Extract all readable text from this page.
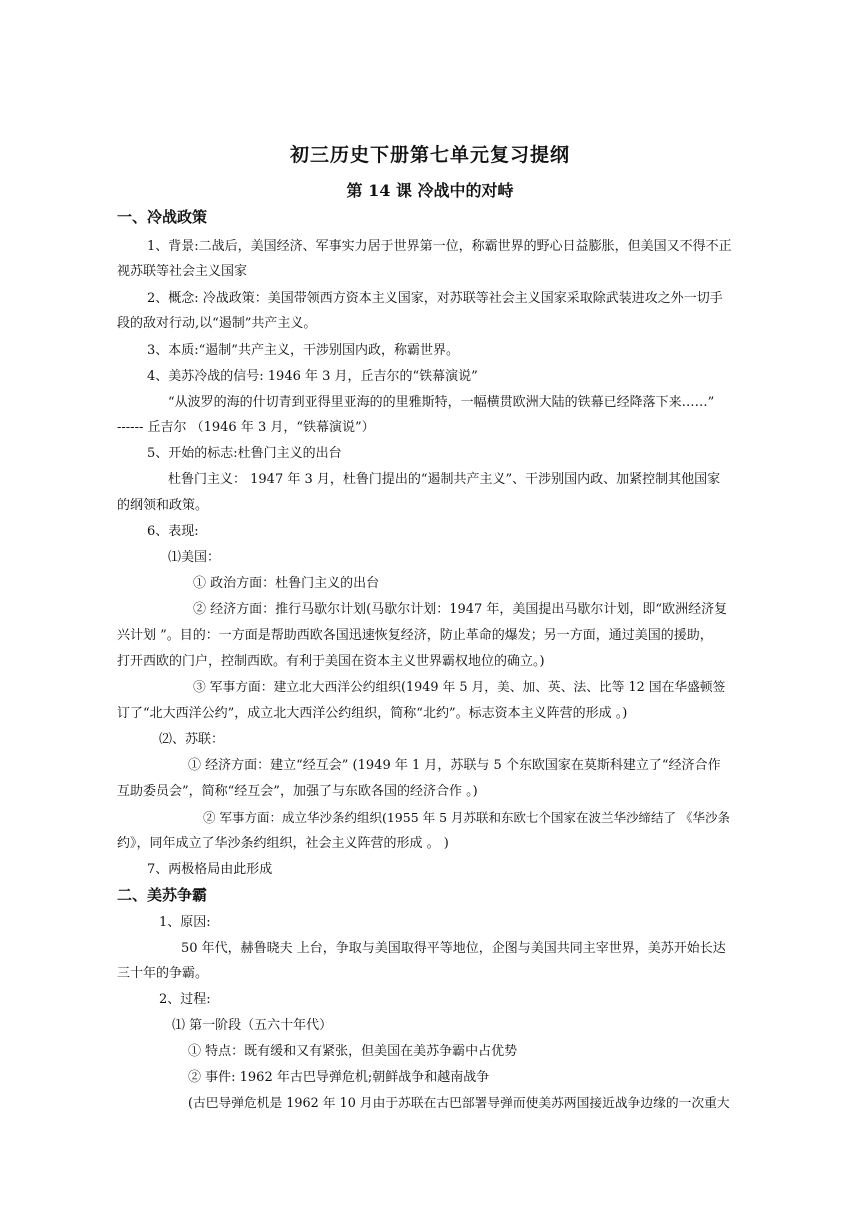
初三历史下册第七单元复习提纲
第 14 课 冷战中的对峙
一、冷战政策
1、背景:二战后，美国经济、军事实力居于世界第一位，称霸世界的野心日益膨胀，但美国又不得不正
视苏联等社会主义国家
2、概念: 冷战政策：美国带领西方资本主义国家，对苏联等社会主义国家采取除武装进攻之外一切手
段的敌对行动,以“遏制”共产主义。
3、本质:“遏制”共产主义，干涉别国内政，称霸世界。
4、美苏冷战的信号: 1946 年 3 月，丘吉尔的“铁幕演说”
“从波罗的海的什切青到亚得里亚海的的里雅斯特，一幅横贯欧洲大陆的铁幕已经降落下来……”
------ 丘吉尔 （1946 年 3 月，“铁幕演说”）
5、开始的标志:杜鲁门主义的出台
杜鲁门主义： 1947 年 3 月，杜鲁门提出的“遏制共产主义”、干涉别国内政、加紧控制其他国家
的纲领和政策。
6、表现:
⑴美国：
① 政治方面：杜鲁门主义的出台
② 经济方面：推行马歇尔计划(马歇尔计划：1947 年，美国提出马歇尔计划，即“欧洲经济复
兴计划 ”。目的：一方面是帮助西欧各国迅速恢复经济，防止革命的爆发；另一方面，通过美国的援助，
打开西欧的门户，控制西欧。有利于美国在资本主义世界霸权地位的确立。)
③ 军事方面：建立北大西洋公约组织(1949 年 5 月，美、加、英、法、比等 12 国在华盛顿签
订了“北大西洋公约”，成立北大西洋公约组织，简称“北约”。标志资本主义阵营的形成 。)
⑵、苏联：
① 经济方面：建立“经互会” (1949 年 1 月，苏联与 5 个东欧国家在莫斯科建立了“经济合作
互助委员会”，简称“经互会”，加强了与东欧各国的经济合作 。)
② 军事方面：成立华沙条约组织(1955 年 5 月苏联和东欧七个国家在波兰华沙缔结了 《华沙条
约》，同年成立了华沙条约组织，社会主义阵营的形成 。 )
7、两极格局由此形成
二、美苏争霸
1、原因:
50 年代，赫鲁晓夫 上台，争取与美国取得平等地位，企图与美国共同主宰世界，美苏开始长达
三十年的争霸。
2、过程:
⑴ 第一阶段（五六十年代）
① 特点：既有缓和又有紧张，但美国在美苏争霸中占优势
② 事件: 1962 年古巴导弹危机;朝鲜战争和越南战争
(古巴导弹危机是 1962 年 10 月由于苏联在古巴部署导弹而使美苏两国接近战争边缘的一次重大
